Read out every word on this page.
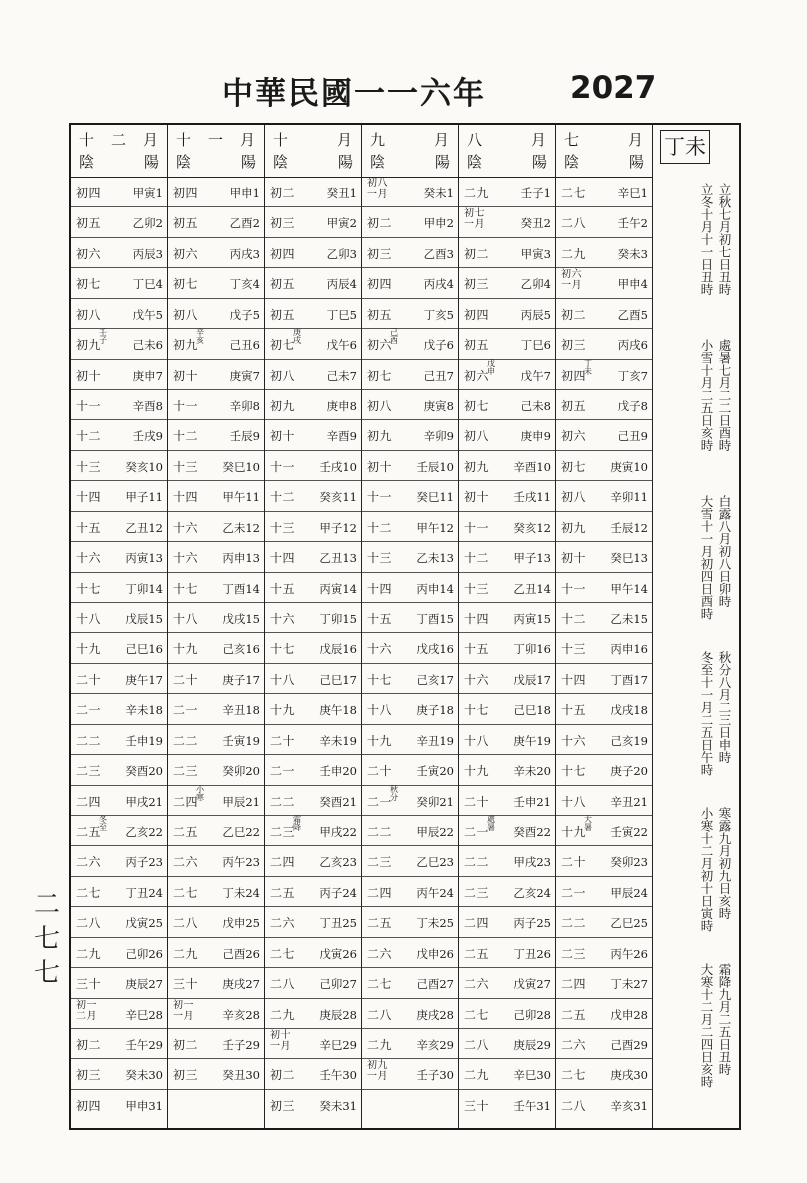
中華民國一一六年	2027
二七七
十 二 月
陰	陽
初四	甲寅1
初五	乙卯2
初六	丙辰3
初七	丁巳4
初八	戊午5
初九	己未6
壬子
初十	庚申7
十一	辛酉8
十二	壬戌9
十三 癸亥10
十四 甲子11
十五 乙丑12
十六 丙寅13
十七 丁卯14
十八 戊辰15
十九 己巳16
二十 庚午17
二一 辛未18
二二 壬申19
二三 癸酉20
二四 甲戌21
二五 乙亥22
冬至
二六 丙子23
二七 丁丑24
二八 戊寅25
二九 己卯26
三十 庚辰27
初一
二月	辛巳28
初二 壬午29
初三 癸未30
初四 甲申31
十 一 月
陰	陽
初四	甲申1
初五	乙酉2
初六	丙戌3
初七	丁亥4
初八	戊子5
初九	己丑6
辛亥
初十	庚寅7
十一	辛卯8
十二	壬辰9
十三 癸巳10
十四 甲午11
十六 乙未12
十六 丙申13
十七 丁酉14
十八 戊戌15
十九 己亥16
二十 庚子17
二一 辛丑18
二二 壬寅19
二三 癸卯20
二四 甲辰21
小寒
二五 乙巳22
二六 丙午23
二七 丁未24
二八 戊申25
二九 己酉26
三十 庚戌27
初一
一月	辛亥28
初二 壬子29
初三 癸丑30
十	月
陰	陽
初二	癸丑1
初三	甲寅2
初四	乙卯3
初五	丙辰4
初五	丁巳5
初七	戊午6
庚戌
初八	己未7
初九	庚申8
初十	辛酉9
十一 壬戌10
十二 癸亥11
十三 甲子12
十四 乙丑13
十五 丙寅14
十六 丁卯15
十七 戊辰16
十八 己巳17
十九 庚午18
二十 辛未19
二一 壬申20
二二 癸酉21
二三 甲戌22
霜降
二四 乙亥23
二五 丙子24
二六 丁丑25
二七 戊寅26
二八 己卯27
二九 庚辰28
初十
一月	辛巳29
初二 壬午30
初三 癸未31
九	月
陰	陽
初八
一月	癸未1
初二	甲申2
初三	乙酉3
初四	丙戌4
初五	丁亥5
初六	戊子6
己酉
初七	己丑7
初八	庚寅8
初九	辛卯9
初十 壬辰10
十一 癸巳11
十二 甲午12
十三 乙未13
十四 丙申14
十五 丁酉15
十六 戊戌16
十七 己亥17
十八 庚子18
十九 辛丑19
二十 壬寅20
二一 癸卯21
秋分
二二 甲辰22
二三 乙巳23
二四 丙午24
二五 丁未25
二六 戊申26
二七 己酉27
二八 庚戌28
二九 辛亥29
初九
一月	壬子30
八	月
陰	陽
二九	壬子1
初七
一月	癸丑2
初二	甲寅3
初三	乙卯4
初四	丙辰5
初五	丁巳6
初六	戊午7
戊申
初七	己未8
初八	庚申9
初九 辛酉10
初十 壬戌11
十一 癸亥12
十二 甲子13
十三 乙丑14
十四 丙寅15
十五 丁卯16
十六 戊辰17
十七 己巳18
十八 庚午19
十九 辛未20
二十 壬申21
二一 癸酉22
處暑
二二 甲戌23
二三 乙亥24
二四 丙子25
二五 丁丑26
二六 戊寅27
二七 己卯28
二八 庚辰29
二九 辛巳30
三十 壬午31
七	月
陰	陽
二七	辛巳1
二八	壬午2
二九	癸未3
初六
一月	甲申4
初二	乙酉5
初三	丙戌6
初四	丁亥7
丁未
初五	戊子8
初六	己丑9
初七 庚寅10
初八 辛卯11
初九 壬辰12
初十 癸巳13
十一 甲午14
十二 乙未15
十三 丙申16
十四 丁酉17
十五 戊戌18
十六 己亥19
十七 庚子20
十八 辛丑21
十九 壬寅22
大暑
二十 癸卯23
二一 甲辰24
二二 乙巳25
二三 丙午26
二四 丁未27
二五 戊申28
二六 己酉29
二七 庚戌30
二八 辛亥31
丁未
立秋七月初七日丑時
立冬十月十一日丑時
處暑七月二二日酉時
小雪十月二五日亥時
白露八月初八日卯時
大雪十一月初四日酉時
秋分八月二三日申時
冬至十一月二五日午時
寒露九月初九日亥時
小寒十二月初十日寅時
霜降九月二五日丑時
大寒十二月二四日亥時
